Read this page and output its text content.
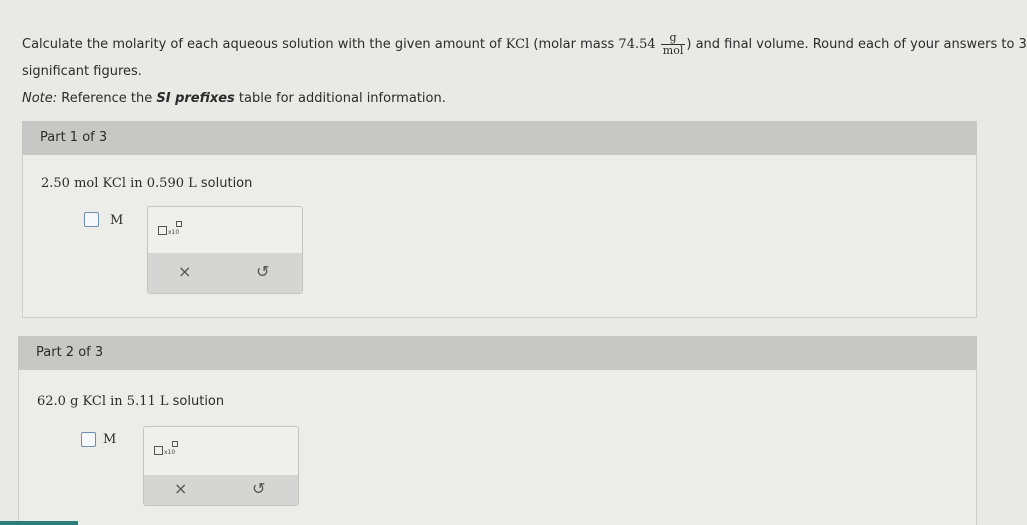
Calculate the molarity of each aqueous solution with the given amount of KCl (molar mass $74.54 \frac{g}{\text{mol}}$ ) and final volume. Round each of your answers to 3
significant figures.
Note: Reference the SI prefixes table for additional information.
Part 1 of 3
2.50 mol KCl in 0.590 L solution
M
x10
×	↺
Part 2 of 3
62.0 g KCl in 5.11 L solution
M
x10
×	↺
